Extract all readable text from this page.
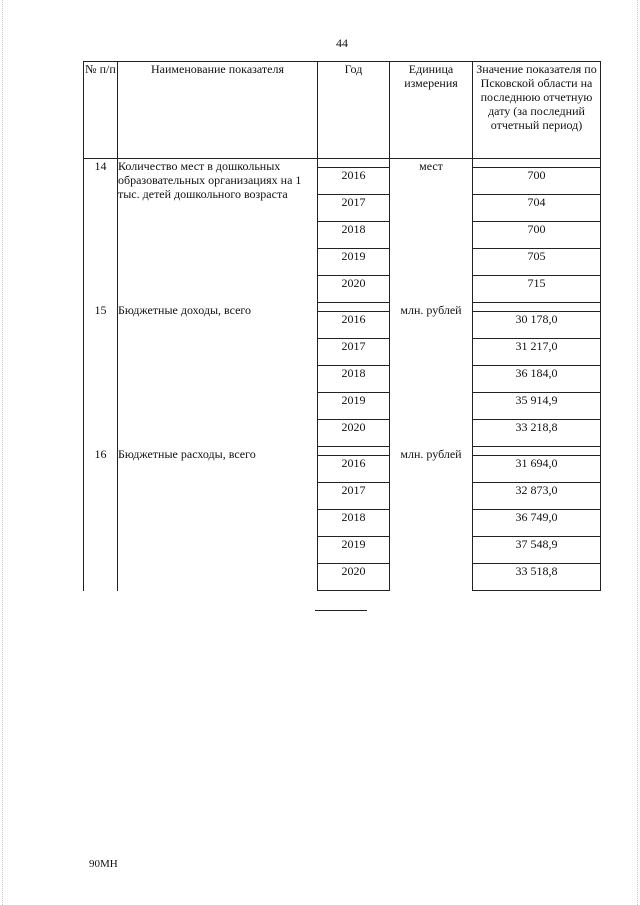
44
№ п/п	Наименование показателя	Год	Единица измерения	Значение показателя по Псковской области на последнюю отчетную дату (за последний отчетный период)
14	Количество мест в дошкольных образовательных организациях на 1 тыс. детей дошкольного возраста		мест	
		2016		700
		2017		704
		2018		700
		2019		705
		2020		715
15	Бюджетные доходы, всего		млн. рублей	
		2016		30 178,0
		2017		31 217,0
		2018		36 184,0
		2019		35 914,9
		2020		33 218,8
16	Бюджетные расходы, всего		млн. рублей	
		2016		31 694,0
		2017		32 873,0
		2018		36 749,0
		2019		37 548,9
		2020		33 518,8
90МН
